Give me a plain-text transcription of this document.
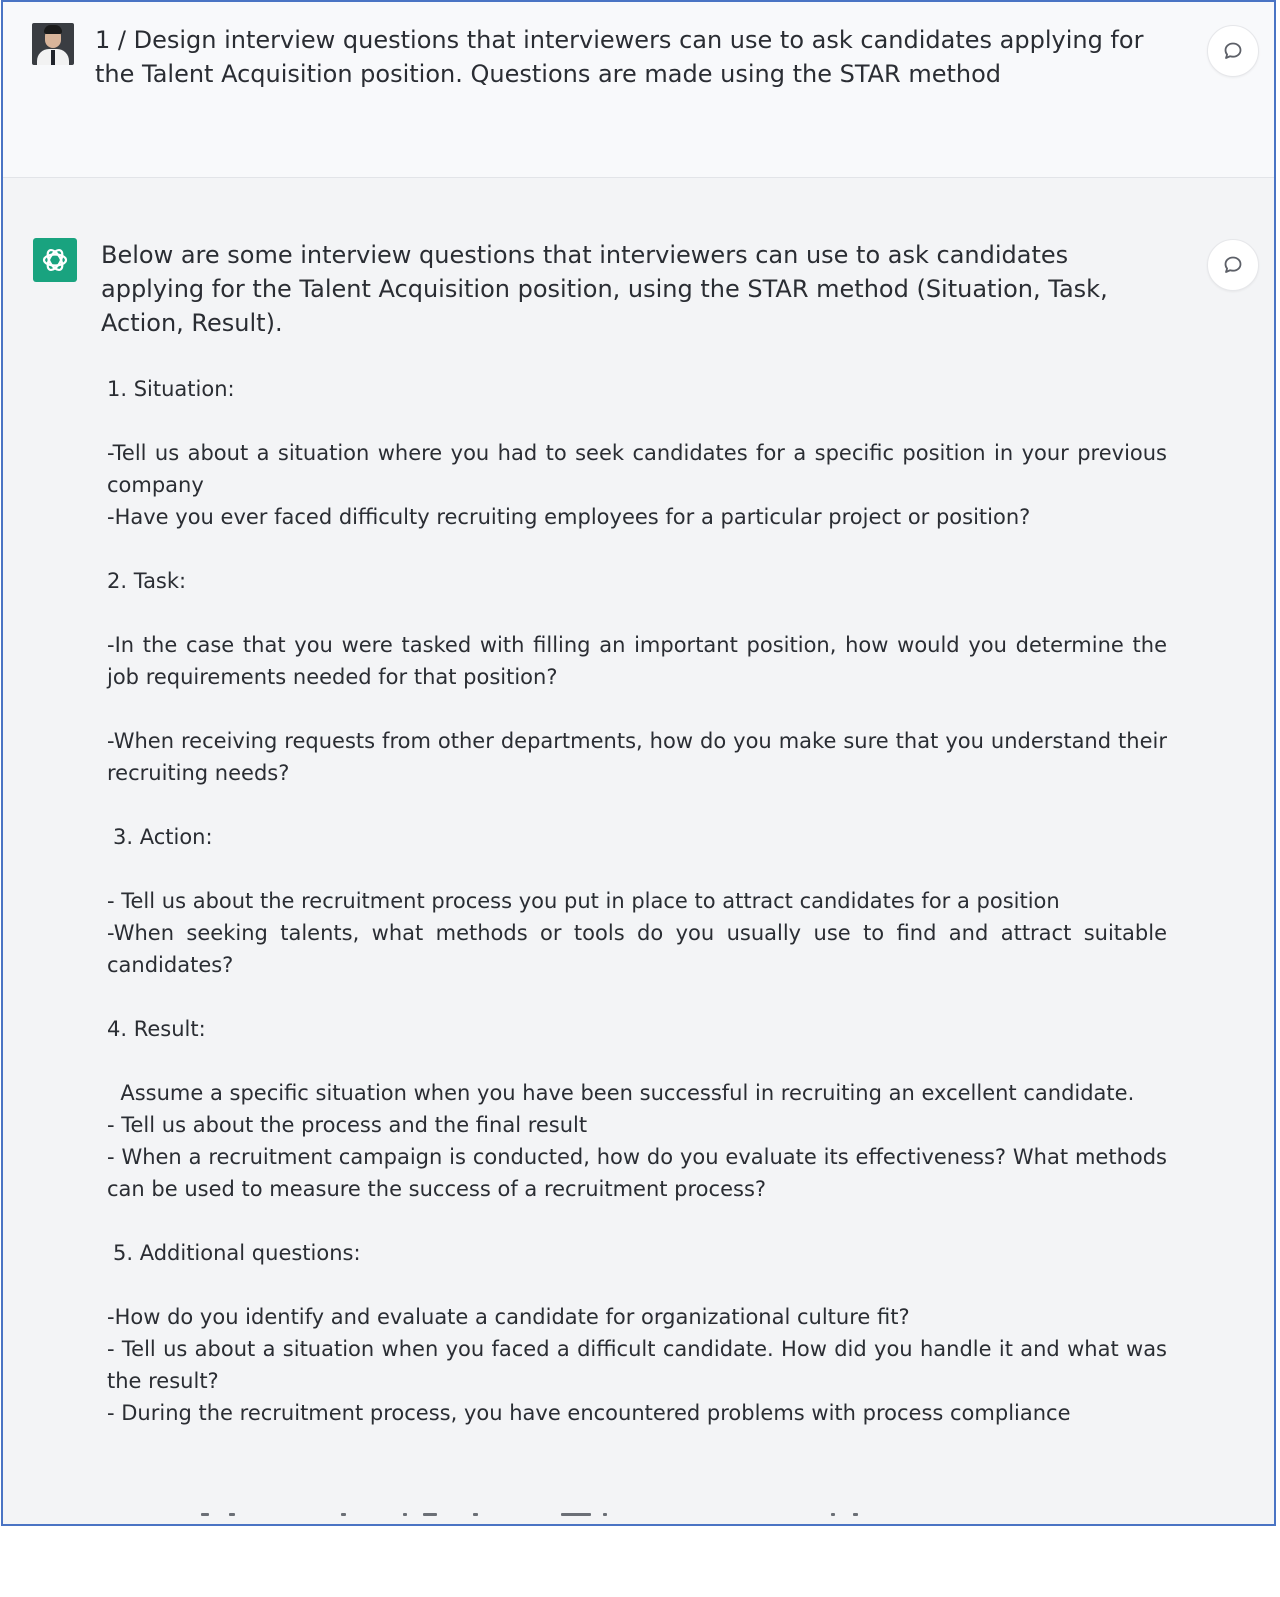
1 / Design interview questions that interviewers can use to ask candidates applying for the Talent Acquisition position. Questions are made using the STAR method
Below are some interview questions that interviewers can use to ask candidates applying for the Talent Acquisition position, using the STAR method (Situation, Task, Action, Result).

1. Situation:

-Tell us about a situation where you had to seek candidates for a specific position in your previous company

-Have you ever faced difficulty recruiting employees for a particular project or position?

2. Task:

-In the case that you were tasked with filling an important position, how would you determine the job requirements needed for that position?

-When receiving requests from other departments, how do you make sure that you understand their recruiting needs?

3. Action:

- Tell us about the recruitment process you put in place to attract candidates for a position

-When seeking talents, what methods or tools do you usually use to find and attract suitable candidates?

4. Result:

Assume a specific situation when you have been successful in recruiting an excellent candidate.

- Tell us about the process and the final result

- When a recruitment campaign is conducted, how do you evaluate its effectiveness? What methods can be used to measure the success of a recruitment process?

5. Additional questions:

-How do you identify and evaluate a candidate for organizational culture fit?

- Tell us about a situation when you faced a difficult candidate. How did you handle it and what was the result?

- During the recruitment process, you have encountered problems with process compliance
